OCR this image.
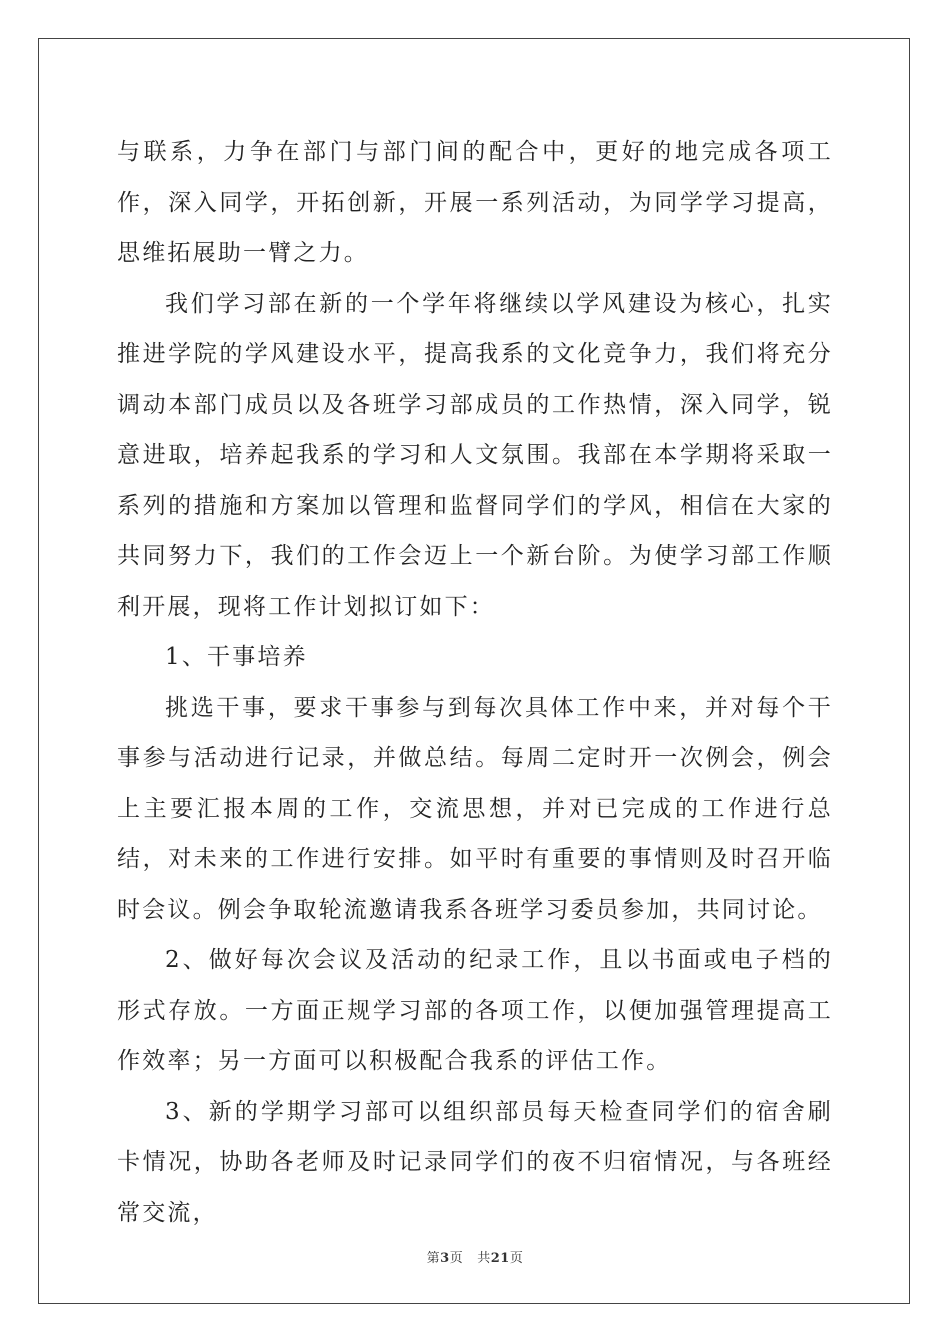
与联系，力争在部门与部门间的配合中，更好的地完成各项工作，深入同学，开拓创新，开展一系列活动，为同学学习提高，思维拓展助一臂之力。

我们学习部在新的一个学年将继续以学风建设为核心，扎实推进学院的学风建设水平，提高我系的文化竞争力，我们将充分调动本部门成员以及各班学习部成员的工作热情，深入同学，锐意进取，培养起我系的学习和人文氛围。我部在本学期将采取一系列的措施和方案加以管理和监督同学们的学风，相信在大家的共同努力下，我们的工作会迈上一个新台阶。为使学习部工作顺利开展，现将工作计划拟订如下：

1、干事培养

挑选干事，要求干事参与到每次具体工作中来，并对每个干事参与活动进行记录，并做总结。每周二定时开一次例会，例会上主要汇报本周的工作，交流思想，并对已完成的工作进行总结，对未来的工作进行安排。如平时有重要的事情则及时召开临时会议。例会争取轮流邀请我系各班学习委员参加，共同讨论。

2、做好每次会议及活动的纪录工作，且以书面或电子档的形式存放。一方面正规学习部的各项工作，以便加强管理提高工作效率；另一方面可以积极配合我系的评估工作。

3、新的学期学习部可以组织部员每天检查同学们的宿舍刷卡情况，协助各老师及时记录同学们的夜不归宿情况，与各班经常交流，

第3页 共21页
